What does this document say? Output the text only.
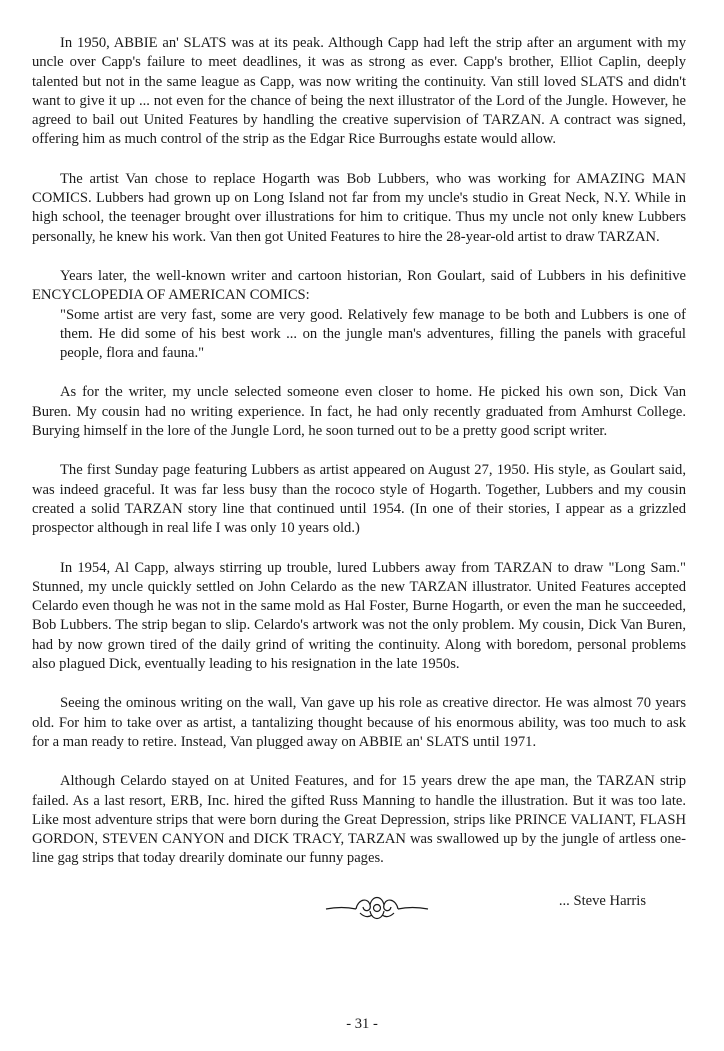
In 1950, ABBIE an' SLATS was at its peak. Although Capp had left the strip after an argument with my uncle over Capp's failure to meet deadlines, it was as strong as ever. Capp's brother, Elliot Caplin, deeply talented but not in the same league as Capp, was now writing the continuity. Van still loved SLATS and didn't want to give it up ... not even for the chance of being the next illustrator of the Lord of the Jungle. However, he agreed to bail out United Features by handling the creative supervision of TARZAN. A contract was signed, offering him as much control of the strip as the Edgar Rice Burroughs estate would allow.

The artist Van chose to replace Hogarth was Bob Lubbers, who was working for AMAZING MAN COMICS. Lubbers had grown up on Long Island not far from my uncle's studio in Great Neck, N.Y. While in high school, the teenager brought over illustrations for him to critique. Thus my uncle not only knew Lubbers personally, he knew his work. Van then got United Features to hire the 28-year-old artist to draw TARZAN.

Years later, the well-known writer and cartoon historian, Ron Goulart, said of Lubbers in his definitive ENCYCLOPEDIA OF AMERICAN COMICS:

"Some artist are very fast, some are very good. Relatively few manage to be both and Lubbers is one of them. He did some of his best work ... on the jungle man's adventures, filling the panels with graceful people, flora and fauna."

As for the writer, my uncle selected someone even closer to home. He picked his own son, Dick Van Buren. My cousin had no writing experience. In fact, he had only recently graduated from Amhurst College. Burying himself in the lore of the Jungle Lord, he soon turned out to be a pretty good script writer.

The first Sunday page featuring Lubbers as artist appeared on August 27, 1950. His style, as Goulart said, was indeed graceful. It was far less busy than the rococo style of Hogarth. Together, Lubbers and my cousin created a solid TARZAN story line that continued until 1954. (In one of their stories, I appear as a grizzled prospector although in real life I was only 10 years old.)

In 1954, Al Capp, always stirring up trouble, lured Lubbers away from TARZAN to draw "Long Sam." Stunned, my uncle quickly settled on John Celardo as the new TARZAN illustrator. United Features accepted Celardo even though he was not in the same mold as Hal Foster, Burne Hogarth, or even the man he succeeded, Bob Lubbers. The strip began to slip. Celardo's artwork was not the only problem. My cousin, Dick Van Buren, had by now grown tired of the daily grind of writing the continuity. Along with boredom, personal problems also plagued Dick, eventually leading to his resignation in the late 1950s.

Seeing the ominous writing on the wall, Van gave up his role as creative director. He was almost 70 years old. For him to take over as artist, a tantalizing thought because of his enormous ability, was too much to ask for a man ready to retire. Instead, Van plugged away on ABBIE an' SLATS until 1971.

Although Celardo stayed on at United Features, and for 15 years drew the ape man, the TARZAN strip failed. As a last resort, ERB, Inc. hired the gifted Russ Manning to handle the illustration. But it was too late. Like most adventure strips that were born during the Great Depression, strips like PRINCE VALIANT, FLASH GORDON, STEVEN CANYON and DICK TRACY, TARZAN was swallowed up by the jungle of artless one-line gag strips that today drearily dominate our funny pages.

... Steve Harris
- 31 -
